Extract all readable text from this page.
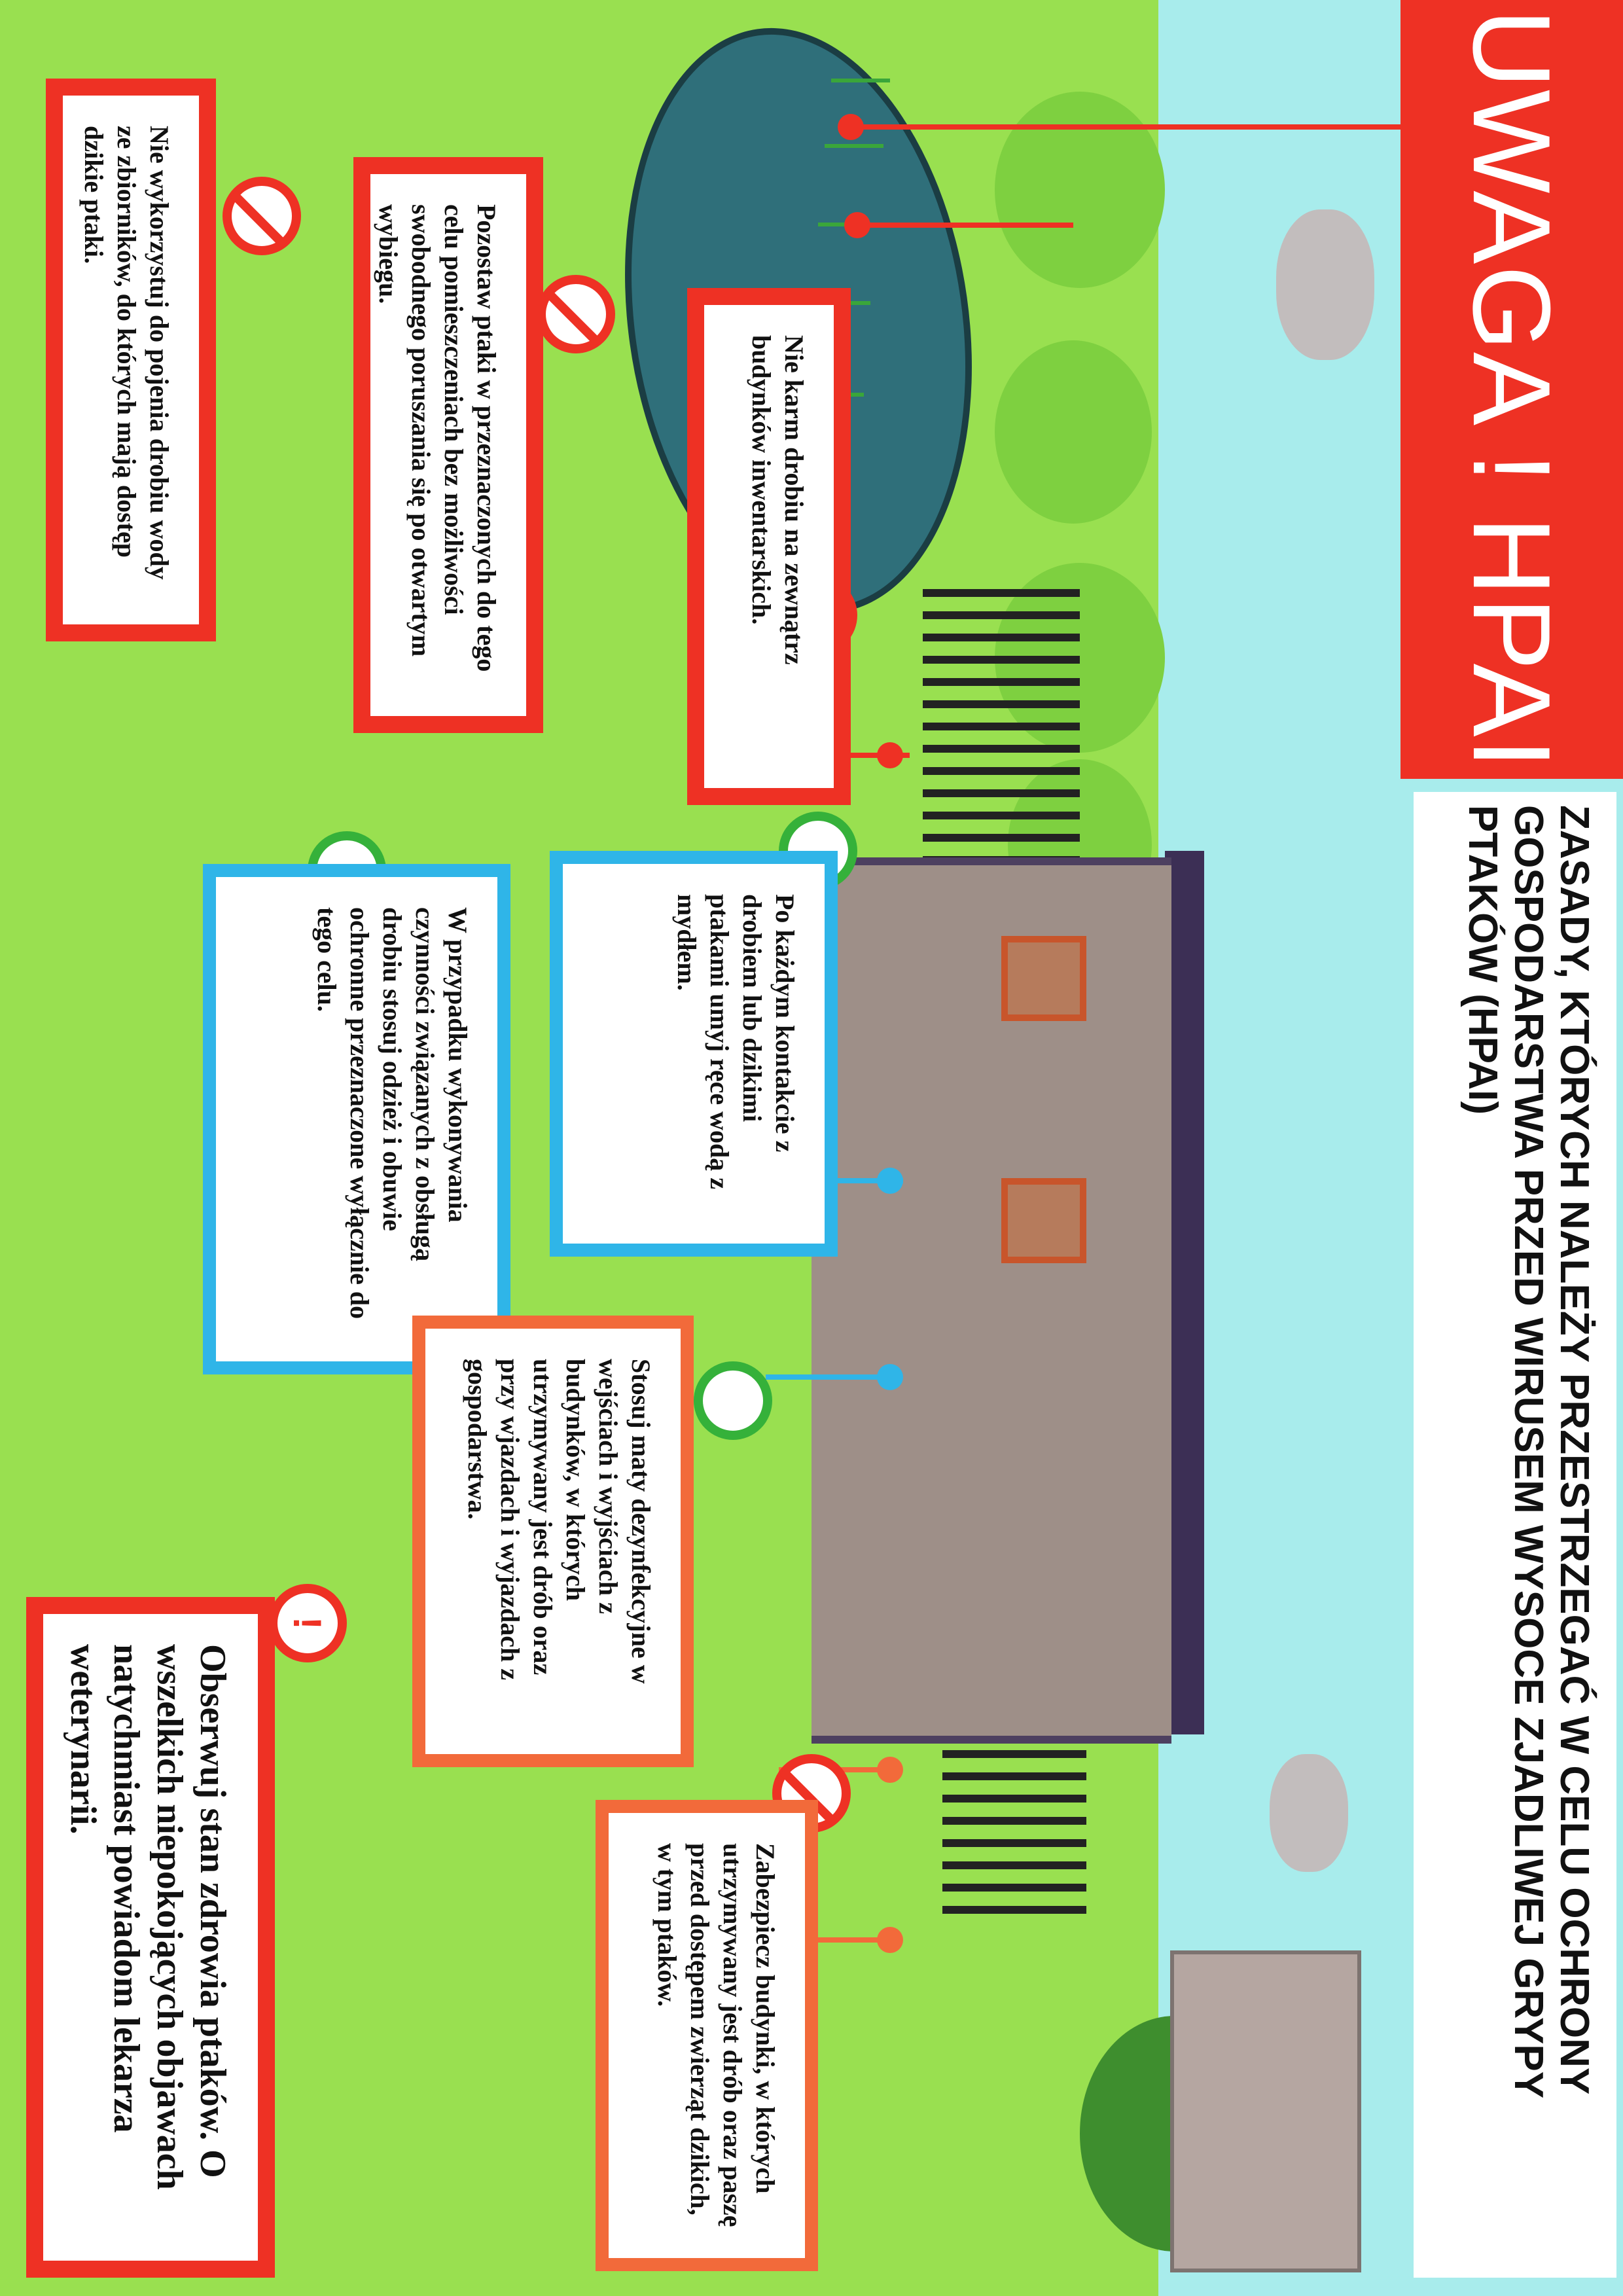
UWAGA ! HPAI

ZASADY, KTÓRYCH NALEŻY PRZESTRZEGAĆ W CELU OCHRONY GOSPODARSTWA PRZED WIRUSEM WYSOCE ZJADLIWEJ GRYPY PTAKÓW (HPAI)

!

Nie wykorzystuj do pojenia drobiu wody ze zbiorników, do których mają dostęp dzikie ptaki.

Pozostaw ptaki w przeznaczonych do tego celu pomieszczeniach bez możliwości swobodnego poruszania się po otwartym wybiegu.

Nie karm drobiu na zewnątrz budynków inwentarskich.

Po każdym kontakcie z drobiem lub dzikimi ptakami umyj ręce wodą z mydłem.

W przypadku wykonywania czynności związanych z obsługą drobiu stosuj odzież i obuwie ochronne przeznaczone wyłącznie do tego celu.

Stosuj maty dezynfekcyjne w wejściach i wyjściach z budynków, w których utrzymywany jest drób oraz przy wjazdach i wyjazdach z gospodarstwa.

Zabezpiecz budynki, w których utrzymywany jest drób oraz paszę przed dostępem zwierząt dzikich, w tym ptaków.

Obserwuj stan zdrowia ptaków. O wszelkich niepokojących objawach natychmiast powiadom lekarza weterynarii.
